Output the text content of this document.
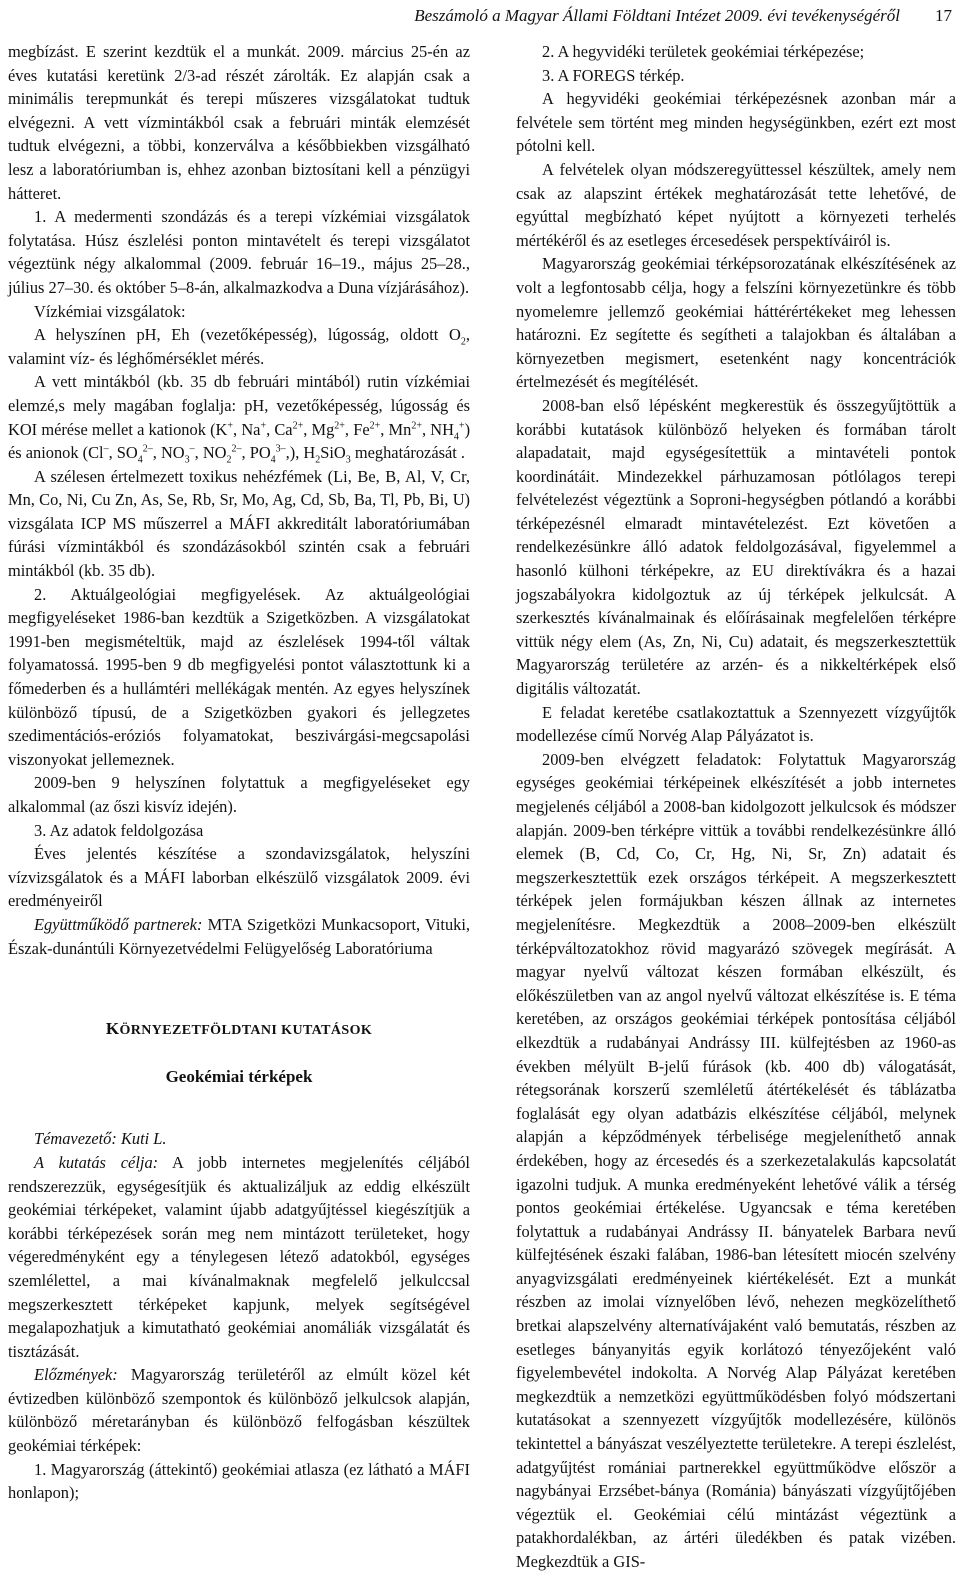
Beszámoló a Magyar Állami Földtani Intézet 2009. évi tevékenységéről 17

megbízást. E szerint kezdtük el a munkát. 2009. március 25-én az éves kutatási keretünk 2/3-ad részét zárolták. Ez alapján csak a minimális terepmunkát és terepi műszeres vizsgálatokat tudtuk elvégezni. A vett vízmintákból csak a februári minták elemzését tudtuk elvégezni, a többi, konzerválva a későbbiekben vizsgálható lesz a laboratóriumban is, ehhez azonban biztosítani kell a pénzügyi hátteret.

1. A medermenti szondázás és a terepi vízkémiai vizsgálatok folytatása. Húsz észlelési ponton mintavételt és terepi vizsgálatot végeztünk négy alkalommal (2009. február 16–19., május 25–28., július 27–30. és október 5–8-án, alkalmazkodva a Duna vízjárásához).

Vízkémiai vizsgálatok:

A helyszínen pH, Eh (vezetőképesség), lúgosság, oldott $O_2$, valamint víz- és léghőmérséklet mérés.

A vett mintákból (kb. 35 db februári mintából) rutin vízkémiai elemzé,s mely magában foglalja: pH, vezetőképesség, lúgosság és KOI mérése mellet a kationok (K+, Na+, $Ca^{2+}$, $Mg^{2+}$, $Fe^{2+}$, $Mn^{2+}$, $NH_4^+$) és anionok (Cl–, $SO_4^{2-}$, $NO_3^-$, $NO_2^{2-}$, $PO_4^{3-}$,), $H_2SiO_3$ meghatározását .

A szélesen értelmezett toxikus nehézfémek (Li, Be, B, Al, V, Cr, Mn, Co, Ni, Cu Zn, As, Se, Rb, Sr, Mo, Ag, Cd, Sb, Ba, Tl, Pb, Bi, U) vizsgálata ICP MS műszerrel a MÁFI akkreditált laboratóriumában fúrási vízmintákból és szondázásokból szintén csak a februári mintákból (kb. 35 db).

2. Aktuálgeológiai megfigyelések. Az aktuálgeológiai megfigyeléseket 1986-ban kezdtük a Szigetközben. A vizsgálatokat 1991-ben megismételtük, majd az észlelések 1994-től váltak folyamatossá. 1995-ben 9 db megfigyelési pontot választottunk ki a főmederben és a hullámtéri mellékágak mentén. Az egyes helyszínek különböző típusú, de a Szigetközben gyakori és jellegzetes szedimentációs-eróziós folyamatokat, beszivárgási-megcsapolási viszonyokat jellemeznek.

2009-ben 9 helyszínen folytattuk a megfigyeléseket egy alkalommal (az őszi kisvíz idején).

3. Az adatok feldolgozása

Éves jelentés készítése a szondavizsgálatok, helyszíni vízvizsgálatok és a MÁFI laborban elkészülő vizsgálatok 2009. évi eredményeiről

Együttműködő partnerek: MTA Szigetközi Munkacsoport, Vituki, Észak-dunántúli Környezetvédelmi Felügyelőség Laboratóriuma

KÖRNYEZETFÖLDTANI KUTATÁSOK
Geokémiai térképek

Témavezető: Kuti L.

A kutatás célja: A jobb internetes megjelenítés céljából rendszerezzük, egységesítjük és aktualizáljuk az eddig elkészült geokémiai térképeket, valamint újabb adatgyűjtéssel kiegészítjük a korábbi térképezések során meg nem mintázott területeket, hogy végeredményként egy a ténylegesen létező adatokból, egységes szemlélettel, a mai kívánalmaknak megfelelő jelkulccsal megszerkesztett térképeket kapjunk, melyek segítségével megalapozhatjuk a kimutatható geokémiai anomáliák vizsgálatát és tisztázását.

Előzmények: Magyarország területéről az elmúlt közel két évtizedben különböző szempontok és különböző jelkulcsok alapján, különböző méretarányban és különböző felfogásban készültek geokémiai térképek:

1. Magyarország (áttekintő) geokémiai atlasza (ez látható a MÁFI honlapon);

2. A hegyvidéki területek geokémiai térképezése;

3. A FOREGS térkép.

A hegyvidéki geokémiai térképezésnek azonban már a felvétele sem történt meg minden hegységünkben, ezért ezt most pótolni kell.

A felvételek olyan módszeregyüttessel készültek, amely nem csak az alapszint értékek meghatározását tette lehetővé, de egyúttal megbízható képet nyújtott a környezeti terhelés mértékéről és az esetleges ércesedések perspektíváiról is.

Magyarország geokémiai térképsorozatának elkészítésének az volt a legfontosabb célja, hogy a felszíni környezetünkre és több nyomelemre jellemző geokémiai háttérértékeket meg lehessen határozni. Ez segítette és segítheti a talajokban és általában a környezetben megismert, esetenként nagy koncentrációk értelmezését és megítélését.

2008-ban első lépésként megkerestük és összegyűjtöttük a korábbi kutatások különböző helyeken és formában tárolt alapadatait, majd egységesítettük a mintavételi pontok koordinátáit. Mindezekkel párhuzamosan pótlólagos terepi felvételezést végeztünk a Soproni-hegységben pótlandó a korábbi térképezésnél elmaradt mintavételezést. Ezt követően a rendelkezésünkre álló adatok feldolgozásával, figyelemmel a hasonló külhoni térképekre, az EU direktívákra és a hazai jogszabályokra kidolgoztuk az új térképek jelkulcsát. A szerkesztés kívánalmainak és előírásainak megfelelően térképre vittük négy elem (As, Zn, Ni, Cu) adatait, és megszerkesztettük Magyarország területére az arzén- és a nikkeltérképek első digitális változatát.

E feladat keretébe csatlakoztattuk a Szennyezett vízgyűjtők modellezése című Norvég Alap Pályázatot is.

2009-ben elvégzett feladatok: Folytattuk Magyarország egységes geokémiai térképeinek elkészítését a jobb internetes megjelenés céljából a 2008-ban kidolgozott jelkulcsok és módszer alapján. 2009-ben térképre vittük a további rendelkezésünkre álló elemek (B, Cd, Co, Cr, Hg, Ni, Sr, Zn) adatait és megszerkesztettük ezek országos térképeit. A megszerkesztett térképek jelen formájukban készen állnak az internetes megjelenítésre. Megkezdtük a 2008–2009-ben elkészült térképváltozatokhoz rövid magyarázó szövegek megírását. A magyar nyelvű változat készen formában elkészült, és előkészületben van az angol nyelvű változat elkészítése is. E téma keretében, az országos geokémiai térképek pontosítása céljából elkezdtük a rudabányai Andrássy III. külfejtésben az 1960-as években mélyült B-jelű fúrások (kb. 400 db) válogatását, rétegsorának korszerű szemléletű átértékelését és táblázatba foglalását egy olyan adatbázis elkészítése céljából, melynek alapján a képződmények térbelisége megjeleníthető annak érdekében, hogy az ércesedés és a szerkezetalakulás kapcsolatát igazolni tudjuk. A munka eredményeként lehetővé válik a térség pontos geokémiai értékelése. Ugyancsak e téma keretében folytattuk a rudabányai Andrássy II. bányatelek Barbara nevű külfejtésének északi falában, 1986-ban létesített miocén szelvény anyagvizsgálati eredményeinek kiértékelését. Ezt a munkát részben az imolai víznyelőben lévő, nehezen megközelíthető bretkai alapszelvény alternatívájaként való bemutatás, részben az esetleges bányanyitás egyik korlátozó tényezőjeként való figyelembevétel indokolta. A Norvég Alap Pályázat keretében megkezdtük a nemzetközi együttműködésben folyó módszertani kutatásokat a szennyezett vízgyűjtők modellezésére, különös tekintettel a bányászat veszélyeztette területekre. A terepi észlelést, adatgyűjtést romániai partnerekkel együttműködve először a nagybányai Erzsébet-bánya (Románia) bányászati vízgyűjtőjében végeztük el. Geokémiai célú mintázást végeztünk a patakhordalékban, az ártéri üledékben és patak vizében. Megkezdtük a GIS-
